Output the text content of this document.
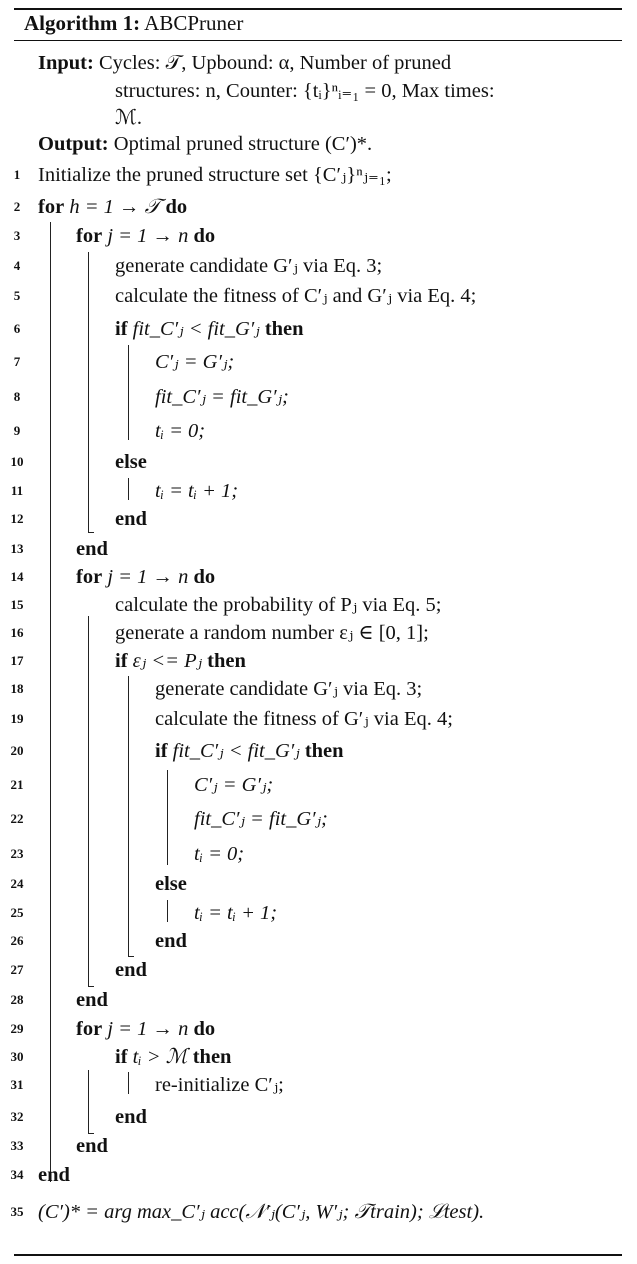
Algorithm 1: ABCPruner
Input: Cycles: 𝒯, Upbound: α, Number of pruned
structures: n, Counter: {tᵢ}ⁿᵢ₌₁ = 0, Max times:
ℳ.
Output: Optimal pruned structure (C′)*.
1
2
3
4
5
6
7
8
9
10
11
12
13
14
15
16
17
18
19
20
21
22
23
24
25
26
27
28
29
30
31
32
33
34
35
Initialize the pruned structure set {C′ⱼ}ⁿⱼ₌₁;
for h = 1 → 𝒯 do
for j = 1 → n do
generate candidate G′ⱼ via Eq. 3;
calculate the fitness of C′ⱼ and G′ⱼ via Eq. 4;
if fit_C′ⱼ < fit_G′ⱼ then
C′ⱼ = G′ⱼ;
fit_C′ⱼ = fit_G′ⱼ;
tᵢ = 0;
else
tᵢ = tᵢ + 1;
end
end
for j = 1 → n do
calculate the probability of Pⱼ via Eq. 5;
generate a random number εⱼ ∈ [0, 1];
if εⱼ <= Pⱼ then
generate candidate G′ⱼ via Eq. 3;
calculate the fitness of G′ⱼ via Eq. 4;
if fit_C′ⱼ < fit_G′ⱼ then
C′ⱼ = G′ⱼ;
fit_C′ⱼ = fit_G′ⱼ;
tᵢ = 0;
else
tᵢ = tᵢ + 1;
end
end
end
for j = 1 → n do
if tᵢ > ℳ then
re-initialize C′ⱼ;
end
end
end
(C′)* = arg max_C′ⱼ acc(𝒩′ⱼ(C′ⱼ, W′ⱼ; 𝒯train); ℒtest).
